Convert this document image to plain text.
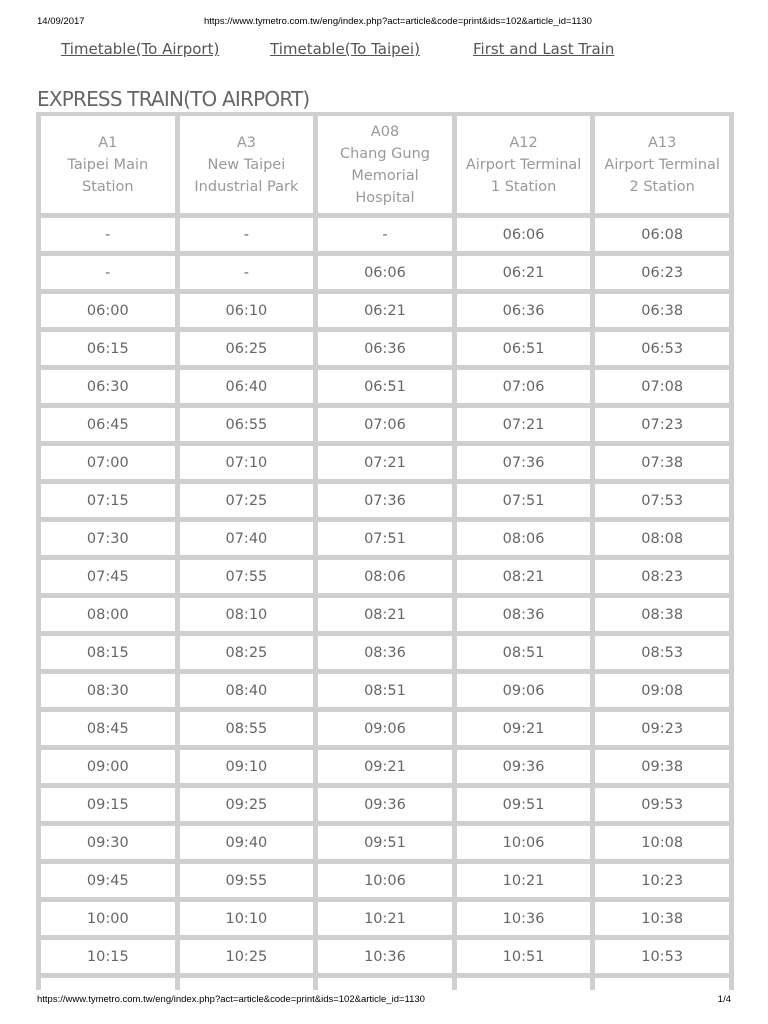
14/09/2017	https://www.tymetro.com.tw/eng/index.php?act=article&code=print&ids=102&article_id=1130
Timetable(To Airport)	Timetable(To Taipei)	First and Last Train
EXPRESS TRAIN(TO AIRPORT)
A1
Taipei Main
Station	A3
New Taipei
Industrial Park	A08
Chang Gung
Memorial
Hospital	A12
Airport Terminal
1 Station	A13
Airport Terminal
2 Station

-	-	-	06:06	06:08
-	-	06:06	06:21	06:23
06:00	06:10	06:21	06:36	06:38
06:15	06:25	06:36	06:51	06:53
06:30	06:40	06:51	07:06	07:08
06:45	06:55	07:06	07:21	07:23
07:00	07:10	07:21	07:36	07:38
07:15	07:25	07:36	07:51	07:53
07:30	07:40	07:51	08:06	08:08
07:45	07:55	08:06	08:21	08:23
08:00	08:10	08:21	08:36	08:38
08:15	08:25	08:36	08:51	08:53
08:30	08:40	08:51	09:06	09:08
08:45	08:55	09:06	09:21	09:23
09:00	09:10	09:21	09:36	09:38
09:15	09:25	09:36	09:51	09:53
09:30	09:40	09:51	10:06	10:08
09:45	09:55	10:06	10:21	10:23
10:00	10:10	10:21	10:36	10:38
10:15	10:25	10:36	10:51	10:53

https://www.tymetro.com.tw/eng/index.php?act=article&code=print&ids=102&article_id=1130	1/4
